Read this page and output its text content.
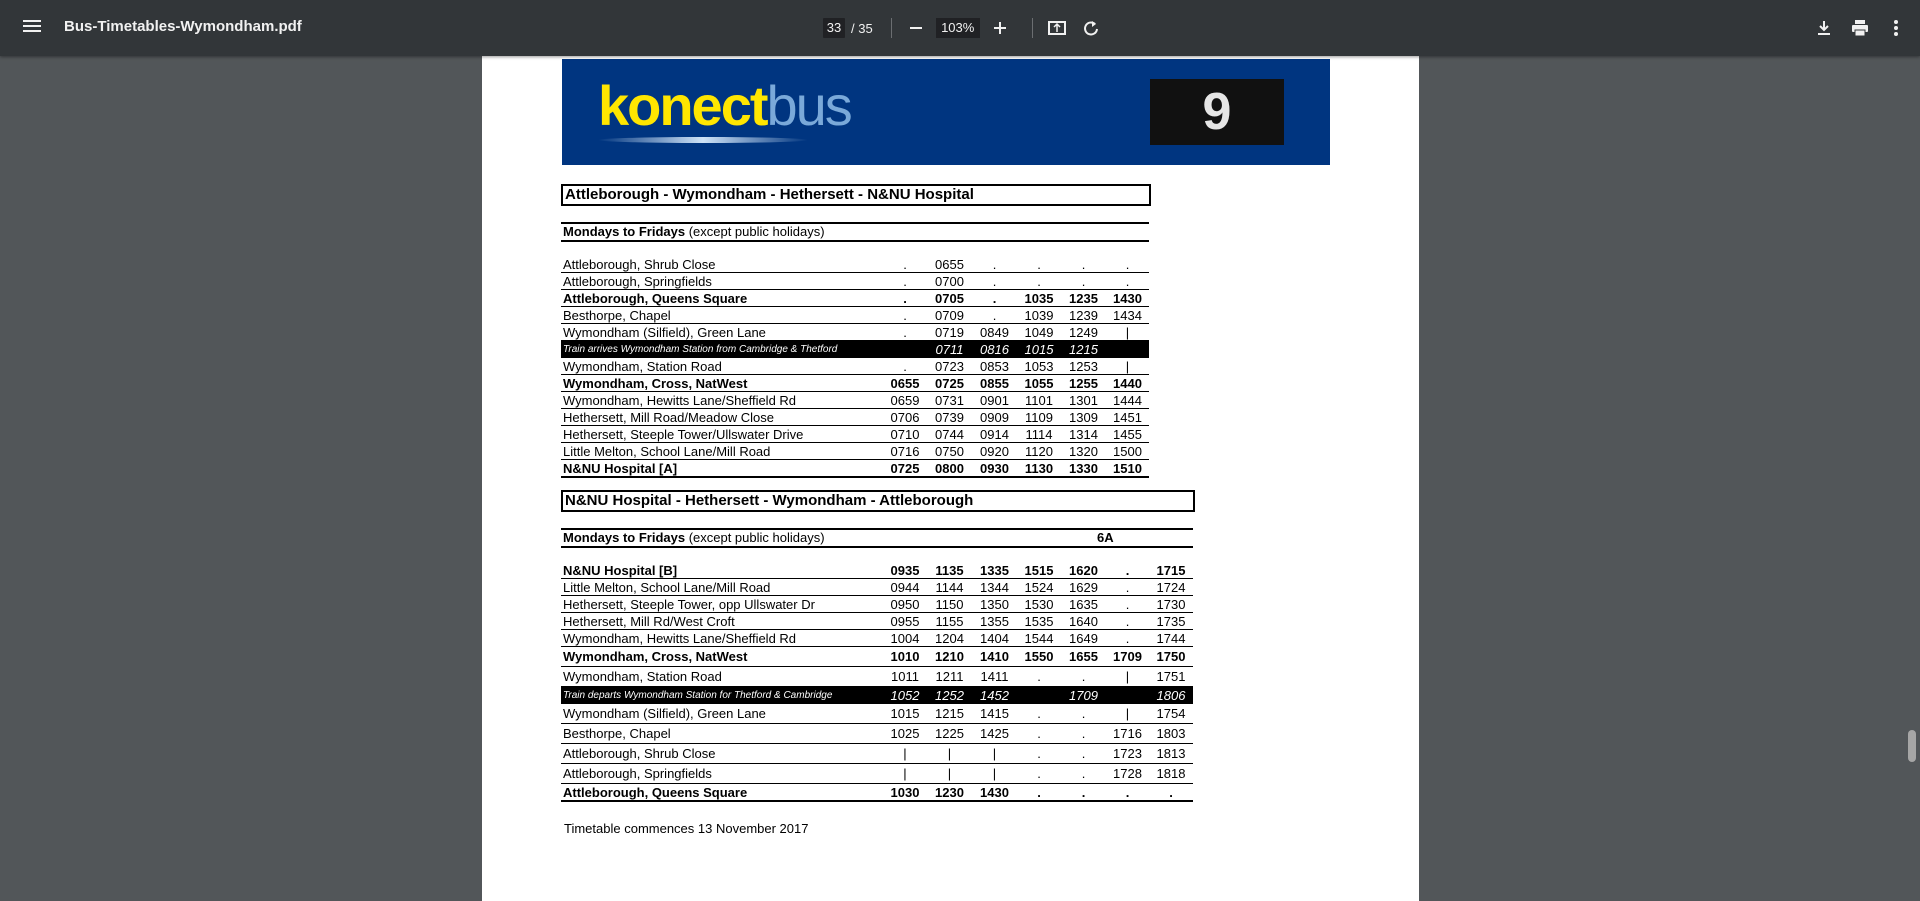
Bus-Timetables-Wymondham.pdf	33 / 35	103%
konectbus	9
Attleborough - Wymondham - Hethersett - N&NU Hospital
Mondays to Fridays (except public holidays)
Attleborough, Shrub Close	.	0655	.	.	.	.
Attleborough, Springfields	.	0700	.	.	.	.
Attleborough, Queens Square	.	0705	.	1035	1235	1430
Besthorpe, Chapel	.	0709	.	1039	1239	1434
Wymondham (Silfield), Green Lane	.	0719	0849	1049	1249	|
Train arrives Wymondham Station from Cambridge & Thetford		0711	0816	1015	1215	
Wymondham, Station Road	.	0723	0853	1053	1253	|
Wymondham, Cross, NatWest	0655	0725	0855	1055	1255	1440
Wymondham, Hewitts Lane/Sheffield Rd	0659	0731	0901	1101	1301	1444
Hethersett, Mill Road/Meadow Close	0706	0739	0909	1109	1309	1451
Hethersett, Steeple Tower/Ullswater Drive	0710	0744	0914	1114	1314	1455
Little Melton, School Lane/Mill Road	0716	0750	0920	1120	1320	1500
N&NU Hospital [A]	0725	0800	0930	1130	1330	1510
N&NU Hospital - Hethersett - Wymondham - Attleborough
Mondays to Fridays (except public holidays)	6A
N&NU Hospital [B]	0935	1135	1335	1515	1620	.	1715
Little Melton, School Lane/Mill Road	0944	1144	1344	1524	1629	.	1724
Hethersett, Steeple Tower, opp Ullswater Dr	0950	1150	1350	1530	1635	.	1730
Hethersett, Mill Rd/West Croft	0955	1155	1355	1535	1640	.	1735
Wymondham, Hewitts Lane/Sheffield Rd	1004	1204	1404	1544	1649	.	1744
Wymondham, Cross, NatWest	1010	1210	1410	1550	1655	1709	1750
Wymondham, Station Road	1011	1211	1411	.	.	|	1751
Train departs Wymondham Station for Thetford & Cambridge	1052	1252	1452		1709		1806
Wymondham (Silfield), Green Lane	1015	1215	1415	.	.	|	1754
Besthorpe, Chapel	1025	1225	1425	.	.	1716	1803
Attleborough, Shrub Close	|	|	|	.	.	1723	1813
Attleborough, Springfields	|	|	|	.	.	1728	1818
Attleborough, Queens Square	1030	1230	1430	.	.	.	.
Timetable commences 13 November 2017
